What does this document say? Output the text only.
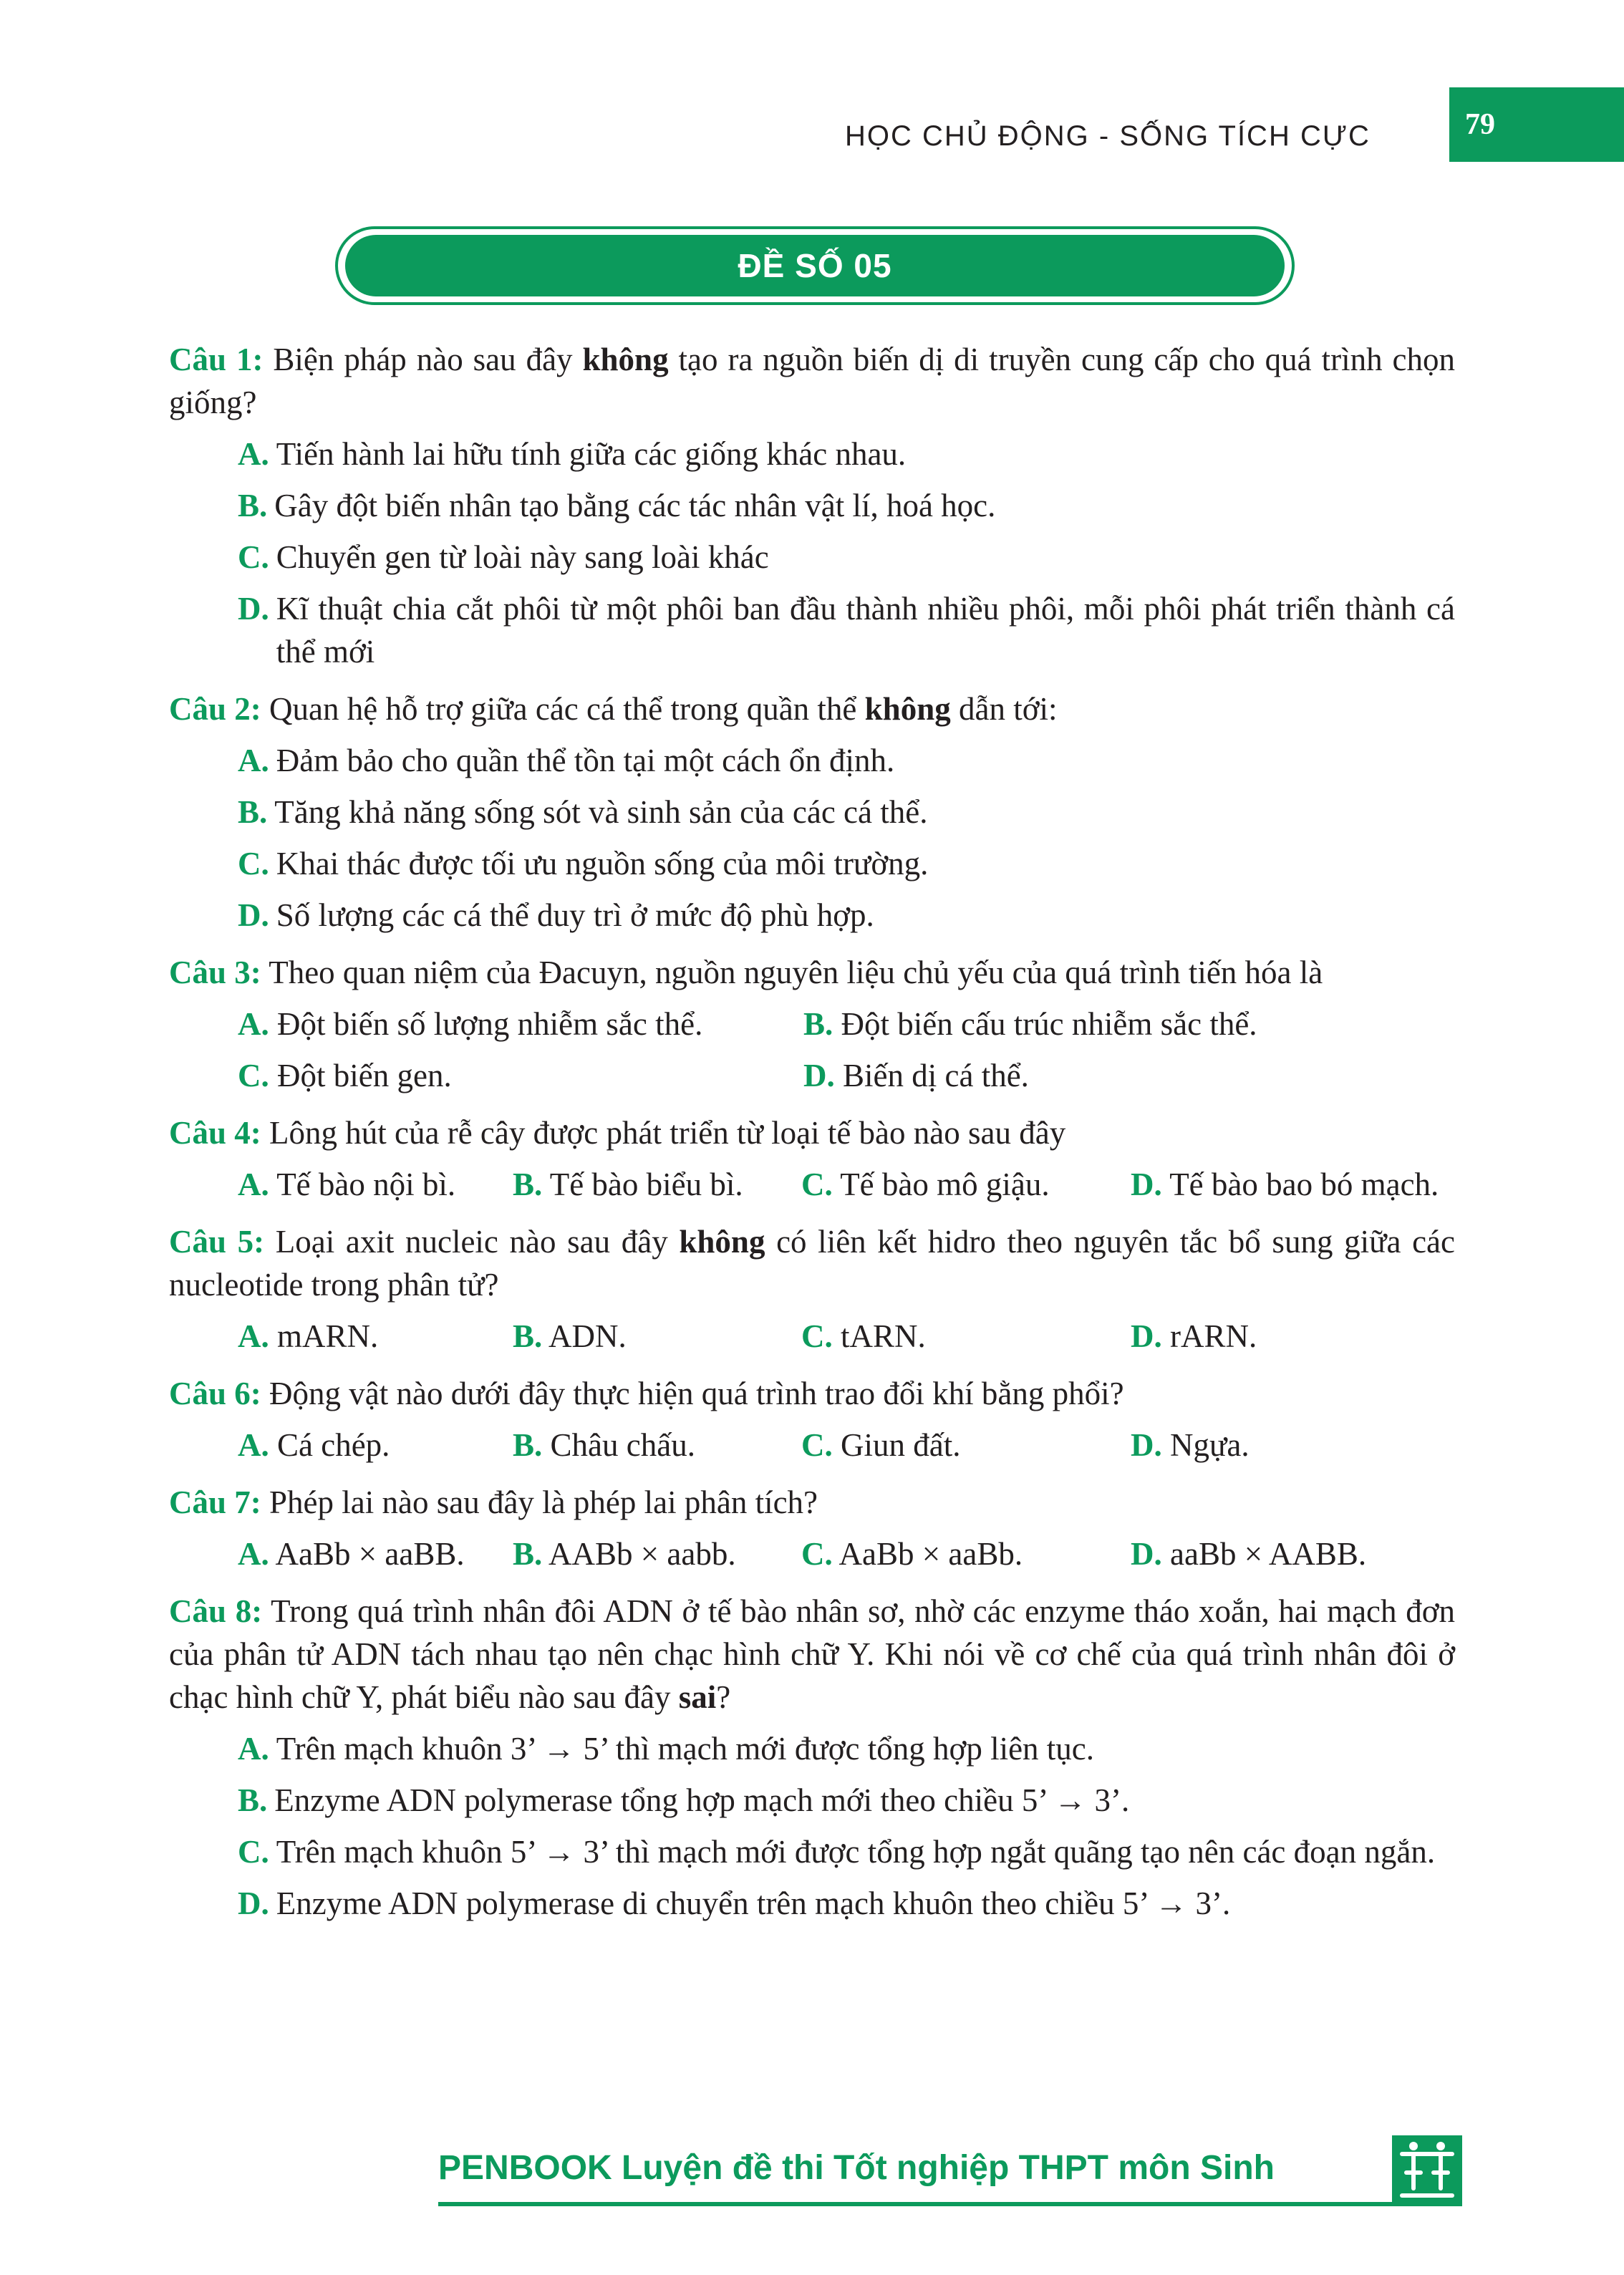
HỌC CHỦ ĐỘNG - SỐNG TÍCH CỰC	79
ĐỀ SỐ 05
Câu 1: Biện pháp nào sau đây không tạo ra nguồn biến dị di truyền cung cấp cho quá trình chọn giống?
A. Tiến hành lai hữu tính giữa các giống khác nhau.
B. Gây đột biến nhân tạo bằng các tác nhân vật lí, hoá học.
C. Chuyển gen từ loài này sang loài khác
D. Kĩ thuật chia cắt phôi từ một phôi ban đầu thành nhiều phôi, mỗi phôi phát triển thành cá thể mới
Câu 2: Quan hệ hỗ trợ giữa các cá thể trong quần thể không dẫn tới:
A. Đảm bảo cho quần thể tồn tại một cách ổn định.
B. Tăng khả năng sống sót và sinh sản của các cá thể.
C. Khai thác được tối ưu nguồn sống của môi trường.
D. Số lượng các cá thể duy trì ở mức độ phù hợp.
Câu 3: Theo quan niệm của Đacuyn, nguồn nguyên liệu chủ yếu của quá trình tiến hóa là
A. Đột biến số lượng nhiễm sắc thể.	B. Đột biến cấu trúc nhiễm sắc thể.
C. Đột biến gen.	D. Biến dị cá thể.
Câu 4: Lông hút của rễ cây được phát triển từ loại tế bào nào sau đây
A. Tế bào nội bì.	B. Tế bào biểu bì.	C. Tế bào mô giậu.	D. Tế bào bao bó mạch.
Câu 5: Loại axit nucleic nào sau đây không có liên kết hidro theo nguyên tắc bổ sung giữa các nucleotide trong phân tử?
A. mARN.	B. ADN.	C. tARN.	D. rARN.
Câu 6: Động vật nào dưới đây thực hiện quá trình trao đổi khí bằng phổi?
A. Cá chép.	B. Châu chấu.	C. Giun đất.	D. Ngựa.
Câu 7: Phép lai nào sau đây là phép lai phân tích?
A. AaBb × aaBB.	B. AABb × aabb.	C. AaBb × aaBb.	D. aaBb × AABB.
Câu 8: Trong quá trình nhân đôi ADN ở tế bào nhân sơ, nhờ các enzyme tháo xoắn, hai mạch đơn của phân tử ADN tách nhau tạo nên chạc hình chữ Y. Khi nói về cơ chế của quá trình nhân đôi ở chạc hình chữ Y, phát biểu nào sau đây sai?
A. Trên mạch khuôn 3’ → 5’ thì mạch mới được tổng hợp liên tục.
B. Enzyme ADN polymerase tổng hợp mạch mới theo chiều 5’ → 3’.
C. Trên mạch khuôn 5’ → 3’ thì mạch mới được tổng hợp ngắt quãng tạo nên các đoạn ngắn.
D. Enzyme ADN polymerase di chuyển trên mạch khuôn theo chiều 5’ → 3’.
PENBOOK Luyện đề thi Tốt nghiệp THPT môn Sinh
